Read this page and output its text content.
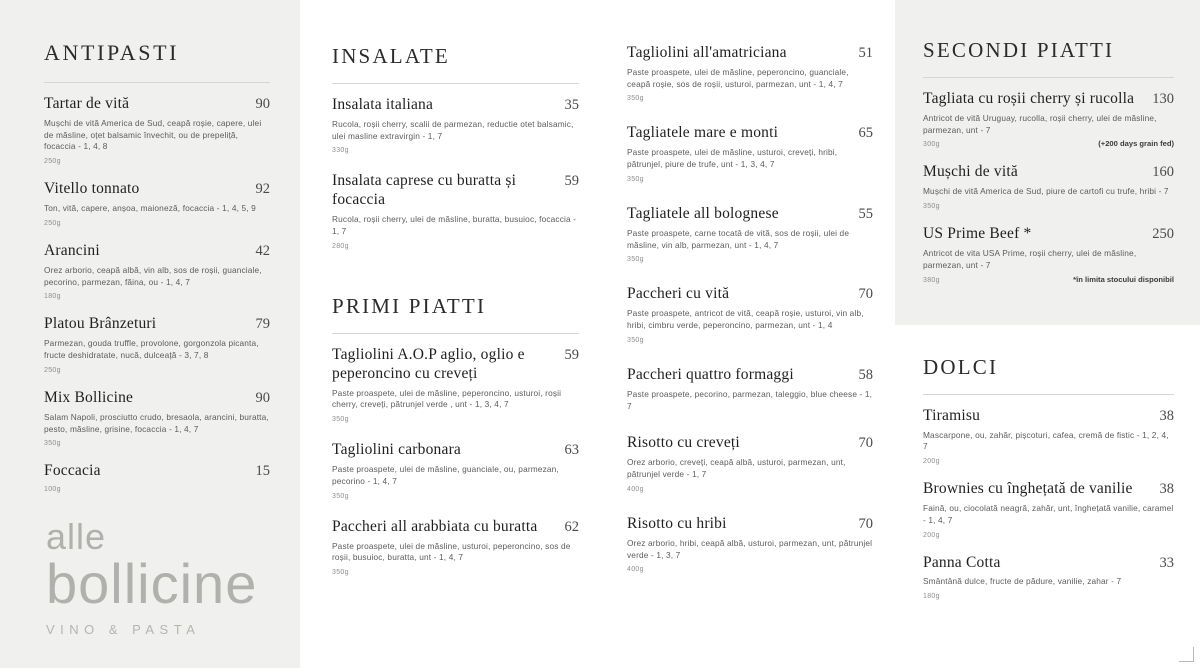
ANTIPASTI
Tartar de vită	90
Mușchi de vită America de Sud, ceapă roșie, capere, ulei de măsline, oțet balsamic învechit, ou de prepeliță, focaccia - 1, 4, 8
250g
Vitello tonnato	92
Ton, vită, capere, anșoa, maioneză, focaccia - 1, 4, 5, 9
250g
Arancini	42
Orez arborio, ceapă albă, vin alb, sos de roșii, guanciale, pecorino, parmezan, făina, ou - 1, 4, 7
180g
Platou Brânzeturi	79
Parmezan, gouda truffle, provolone, gorgonzola picanta, fructe deshidratate, nucă, dulceață - 3, 7, 8
250g
Mix Bollicine	90
Salam Napoli, prosciutto crudo, bresaola, arancini, buratta, pesto, măsline, grisine, focaccia - 1, 4, 7
350g
Foccacia	15
100g
alle
bollicine
VINO & PASTA
INSALATE
Insalata italiana	35
Rucola, roșii cherry, scalii de parmezan, reductie otet balsamic, ulei masline extravirgin - 1, 7
330g
Insalata caprese cu buratta și focaccia
59
Rucola, roșii cherry, ulei de măsline, buratta, busuioc, focaccia - 1, 7
280g
PRIMI PIATTI
Tagliolini A.O.P aglio, oglio e peperoncino cu creveți
59
Paste proaspete, ulei de măsline, peperoncino, usturoi, roșii cherry, creveți, pătrunjel verde , unt - 1, 3, 4, 7
350g
Tagliolini carbonara	63
Paste proaspete, ulei de măsline, guanciale, ou, parmezan, pecorino - 1, 4, 7
350g
Paccheri all arabbiata cu buratta	62
Paste proaspete, ulei de măsline, usturoi, peperoncino, sos de roșii, busuioc, buratta, unt - 1, 4, 7
350g
Tagliolini all'amatriciana	51
Paste proaspete, ulei de măsline, peperoncino, guanciale, ceapă roșie, sos de roșii, usturoi, parmezan, unt - 1, 4, 7
350g
Tagliatele mare e monti	65
Paste proaspete, ulei de măsline, usturoi, creveți, hribi, pătrunjel, piure de trufe, unt - 1, 3, 4, 7
350g
Tagliatele all bolognese	55
Paste proaspete, carne tocatâ de vită, sos de roșii, ulei de măsline, vin alb, parmezan, unt - 1, 4, 7
350g
Paccheri cu vită	70
Paste proaspete, antricot de vită, ceapă roșie, usturoi, vin alb, hribi, cimbru verde, peperoncino, parmezan, unt - 1, 4
350g
Paccheri quattro formaggi	58
Paste proaspete, pecorino, parmezan, taleggio, blue cheese - 1, 7
Risotto cu creveți	70
Orez arborio, creveți, ceapă albă, usturoi, parmezan, unt, pătrunjel verde - 1, 7
400g
Risotto cu hribi	70
Orez arborio, hribi, ceapă albă, usturoi, parmezan, unt, pătrunjel verde - 1, 3, 7
400g
SECONDI PIATTI
Tagliata cu roșii cherry și rucolla	130
Antricot de vită Uruguay, rucolla, roșii cherry, ulei de măsline, parmezan, unt - 7
300g	(+200 days grain fed)
Mușchi de vită	160
Mușchi de vită America de Sud, piure de cartofi cu trufe, hribi - 7
350g
US Prime Beef *	250
Antricot de vita USA Prime, roșii cherry, ulei de măsline, parmezan, unt - 7
380g	*în limita stocului disponibil
DOLCI
Tiramisu	38
Mascarpone, ou, zahăr, pișcoturi, cafea, cremă de fistic - 1, 2, 4, 7
200g
Brownies cu înghețată de vanilie	38
Faină, ou, ciocolată neagră, zahăr, unt, înghețată vanilie, caramel - 1, 4, 7
200g
Panna Cotta	33
Smântână dulce, fructe de pădure, vanilie, zahar - 7
180g
